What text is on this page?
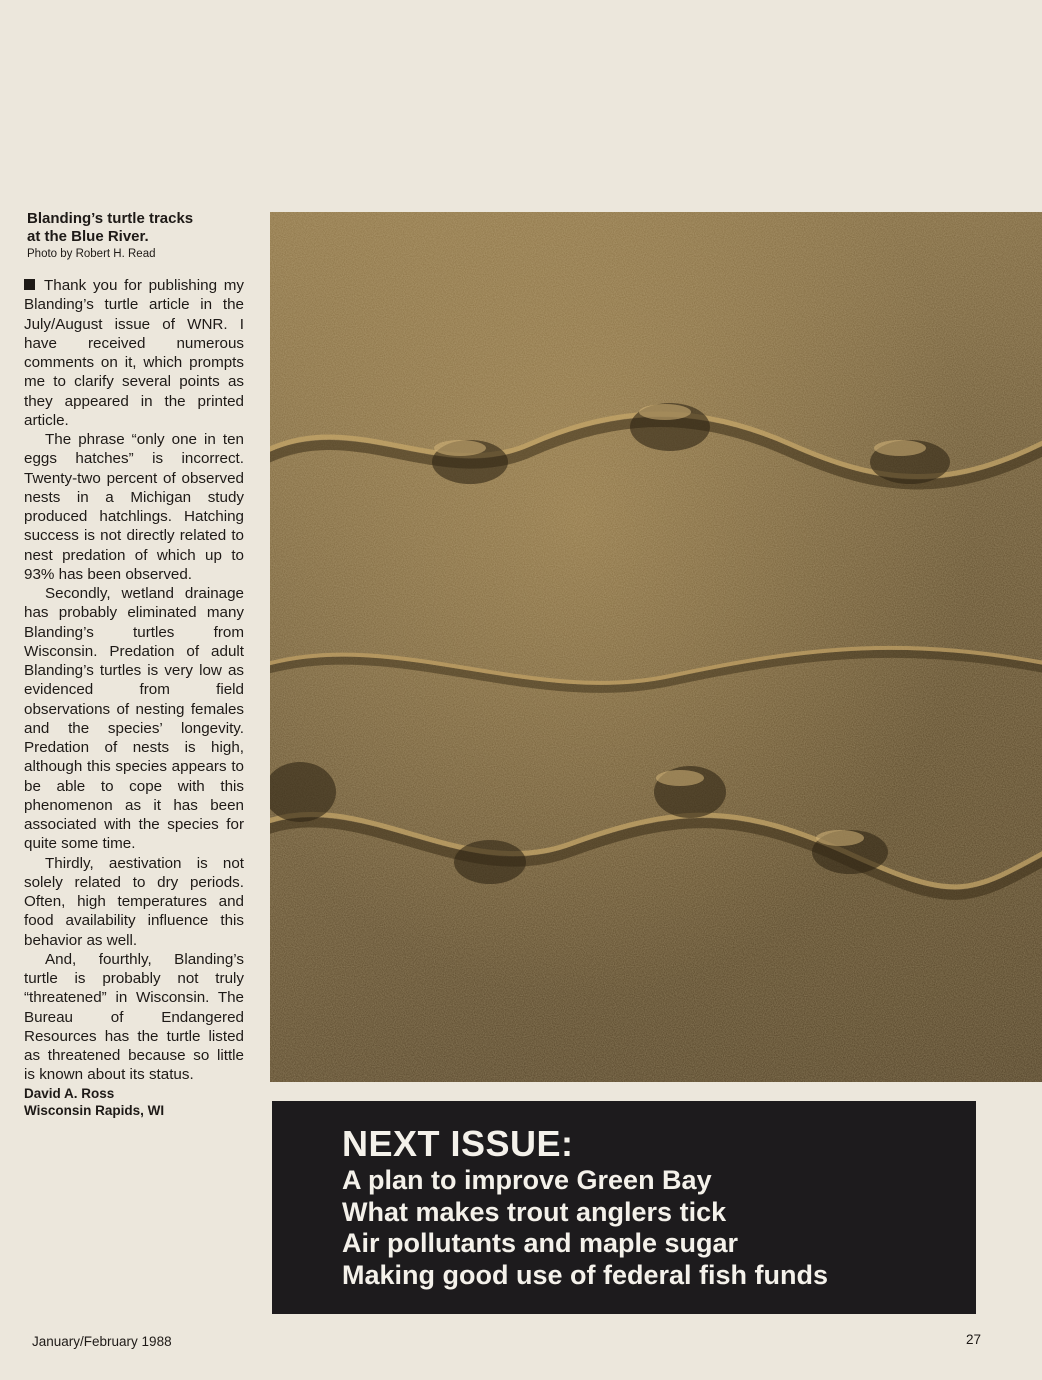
Blanding’s turtle tracks
at the Blue River.
Photo by Robert H. Read

Thank you for publishing my Blanding’s turtle article in the July/August issue of WNR. I have received numerous comments on it, which prompts me to clarify several points as they appeared in the printed article.

The phrase “only one in ten eggs hatches” is incorrect. Twenty-two percent of observed nests in a Michigan study produced hatchlings. Hatching success is not directly related to nest predation of which up to 93% has been observed.

Secondly, wetland drainage has probably eliminated many Blanding’s turtles from Wisconsin. Predation of adult Blanding’s turtles is very low as evidenced from field observations of nesting females and the species’ longevity. Predation of nests is high, although this species appears to be able to cope with this phenomenon as it has been associated with the species for quite some time.

Thirdly, aestivation is not solely related to dry periods. Often, high temperatures and food availability influence this behavior as well.

And, fourthly, Blanding’s turtle is probably not truly “threatened” in Wisconsin. The Bureau of Endangered Resources has the turtle listed as threatened because so little is known about its status.

David A. Ross
Wisconsin Rapids, WI
NEXT ISSUE:
A plan to improve Green Bay
What makes trout anglers tick
Air pollutants and maple sugar
Making good use of federal fish funds
January/February 1988	27
